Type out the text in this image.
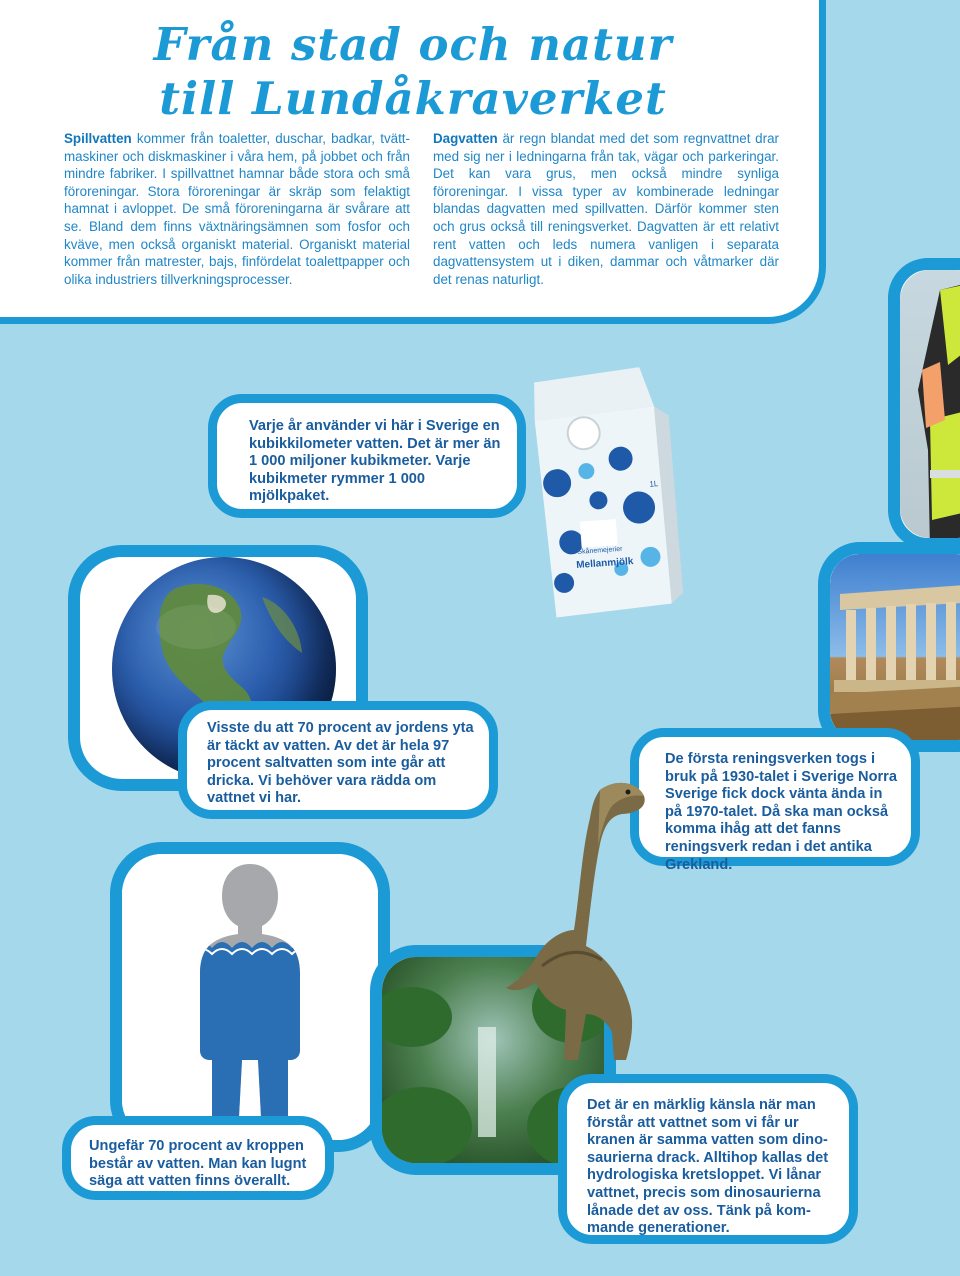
Från stad och natur
till Lundåkraverket

Spillvatten kommer från toaletter, duschar, badkar, tvättmaskiner och diskmaskiner i våra hem, på jobbet och från mindre fabriker. I spillvattnet hamnar både stora och små föroreningar. Stora föroreningar är skräp som felaktigt hamnat i avloppet. De små föroreningarna är svårare att se. Bland dem finns växtnäringsämnen som fosfor och kväve, men också organiskt material. Organiskt material kommer från matrester, bajs, finfördelat toalettpapper och olika industriers tillverkningsprocesser.

Dagvatten är regn blandat med det som regnvattnet drar med sig ner i ledningarna från tak, vägar och parkeringar. Det kan vara grus, men också mindre synliga föroreningar. I vissa typer av kombinerade ledningar blandas dagvatten med spillvatten. Därför kommer sten och grus också till reningsverket. Dagvatten är ett relativt rent vatten och leds numera vanligen i separata dagvattensystem ut i diken, dammar och våtmarker där det renas naturligt.

Skånemejerier
Mellanmjölk
1L
Varje år använder vi här i Sverige en kubikkilometer vatten. Det är mer än 1 000 miljoner kubikmeter. Varje kubikmeter rymmer 1 000 mjölkpaket.
Visste du att 70 procent av jordens yta är täckt av vatten. Av det är hela 97 procent saltvatten som inte går att dricka. Vi behöver vara rädda om vattnet vi har.
De första reningsverken togs i bruk på 1930-talet i Sverige Norra Sverige fick dock vänta ända in på 1970-talet. Då ska man också komma ihåg att det fanns reningsverk redan i det antika Grekland.
Ungefär 70 procent av kroppen består av vatten. Man kan lugnt säga att vatten finns överallt.
Det är en märklig känsla när man förstår att vattnet som vi får ur kranen är samma vatten som dinosaurierna drack. Alltihop kallas det hydrologiska kretsloppet. Vi lånar vattnet, precis som dinosaurierna lånade det av oss. Tänk på kommande generationer.
